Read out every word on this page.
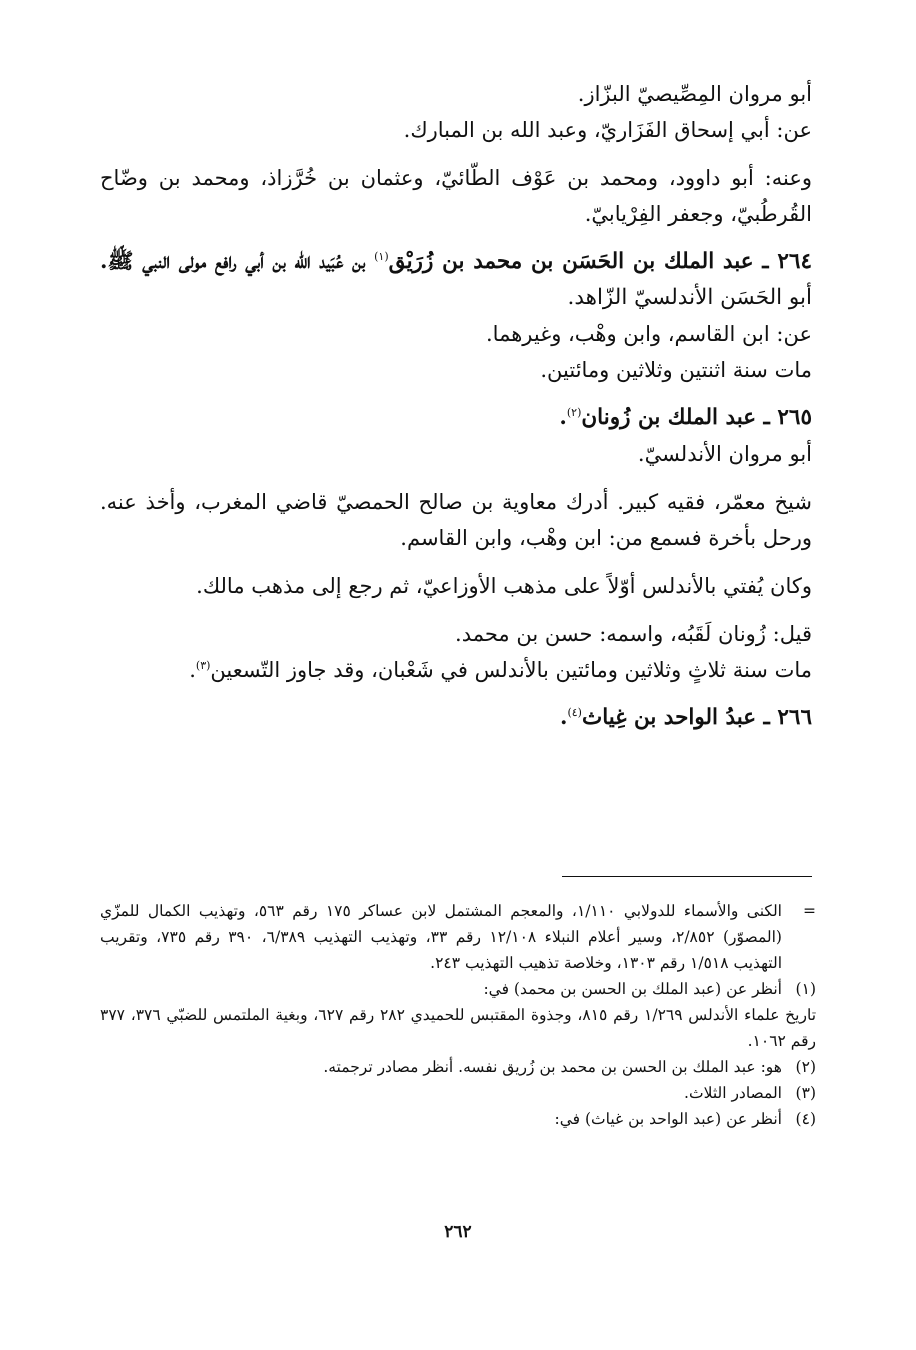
أبو مروان المِصِّيصيّ البزّاز.

عن: أبي إسحاق الفَزَاريّ، وعبد الله بن المبارك.

وعنه: أبو داوود، ومحمد بن عَوْف الطّائيّ، وعثمان بن خُرَّزاذ، ومحمد بن وضّاح القُرطُبيّ، وجعفر الفِرْيابيّ.

٢٦٤ ـ عبد الملك بن الحَسَن بن محمد بن زُرَيْق$^{(١)}$ بن عُبَيد الله بن أبي رافع مولى النبي ﷺ. أبو الحَسَن الأندلسيّ الزّاهد.

عن: ابن القاسم، وابن وهْب، وغيرهما.

مات سنة اثنتين وثلاثين ومائتين.

٢٦٥ ـ عبد الملك بن زُونان$^{(٢)}$.

أبو مروان الأندلسيّ.

شيخ معمّر، فقيه كبير. أدرك معاوية بن صالح الحمصيّ قاضي المغرب، وأخذ عنه. ورحل بأخرة فسمع من: ابن وهْب، وابن القاسم.

وكان يُفتي بالأندلس أوّلاً على مذهب الأوزاعيّ، ثم رجع إلى مذهب مالك.

قيل: زُونان لَقَبُه، واسمه: حسن بن محمد.

مات سنة ثلاثٍ وثلاثين ومائتين بالأندلس في شَعْبان، وقد جاوز التّسعين$^{(٣)}$.

٢٦٦ ـ عبدُ الواحد بن غِياث$^{(٤)}$.

=

الكنى والأسماء للدولابي ١/١١٠، والمعجم المشتمل لابن عساكر ١٧٥ رقم ٥٦٣، وتهذيب الكمال للمزّي (المصوّر) ٢/٨٥٢، وسير أعلام النبلاء ١٢/١٠٨ رقم ٣٣، وتهذيب التهذيب ٦/٣٨٩، ٣٩٠ رقم ٧٣٥، وتقريب التهذيب ١/٥١٨ رقم ١٣٠٣، وخلاصة تذهيب التهذيب ٢٤٣.

(١)

أنظر عن (عبد الملك بن الحسن بن محمد) في:

تاريخ علماء الأندلس ١/٢٦٩ رقم ٨١٥، وجذوة المقتبس للحميدي ٢٨٢ رقم ٦٢٧، وبغية الملتمس للضبّي ٣٧٦، ٣٧٧ رقم ١٠٦٢.

(٢)

هو: عبد الملك بن الحسن بن محمد بن زُريق نفسه. أنظر مصادر ترجمته.

(٣)

المصادر الثلاث.

(٤)

أنظر عن (عبد الواحد بن غياث) في:

٢٦٢
